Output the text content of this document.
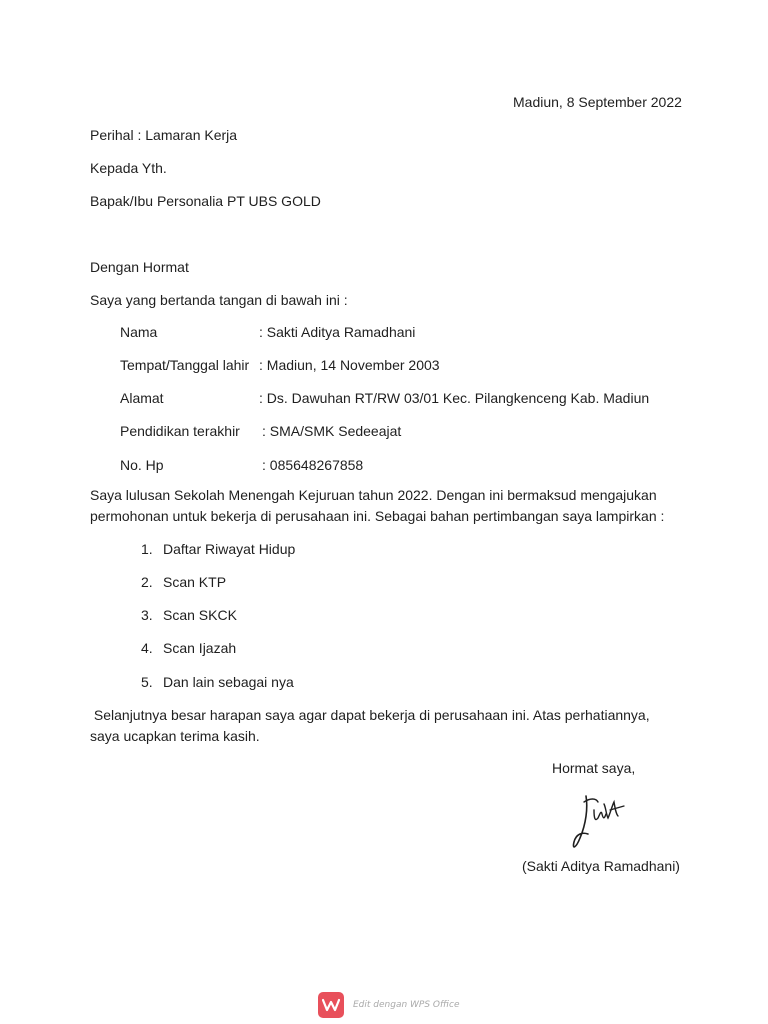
Madiun, 8 September 2022
Perihal : Lamaran Kerja
Kepada Yth.
Bapak/Ibu Personalia PT UBS GOLD
Dengan Hormat
Saya yang bertanda tangan di bawah ini :
Nama	: Sakti Aditya Ramadhani
Tempat/Tanggal lahir : Madiun, 14 November 2003
Alamat	: Ds. Dawuhan RT/RW 03/01 Kec. Pilangkenceng Kab. Madiun
Pendidikan terakhir : SMA/SMK Sedeeajat
No. Hp	: 085648267858
Saya lulusan Sekolah Menengah Kejuruan tahun 2022. Dengan ini bermaksud mengajukan permohonan untuk bekerja di perusahaan ini. Sebagai bahan pertimbangan saya lampirkan :
1. Daftar Riwayat Hidup
2. Scan KTP
3. Scan SKCK
4. Scan Ijazah
5. Dan lain sebagai nya
Selanjutnya besar harapan saya agar dapat bekerja di perusahaan ini. Atas perhatiannya, saya ucapkan terima kasih.
Hormat saya,
(Sakti Aditya Ramadhani)
Edit dengan WPS Office
